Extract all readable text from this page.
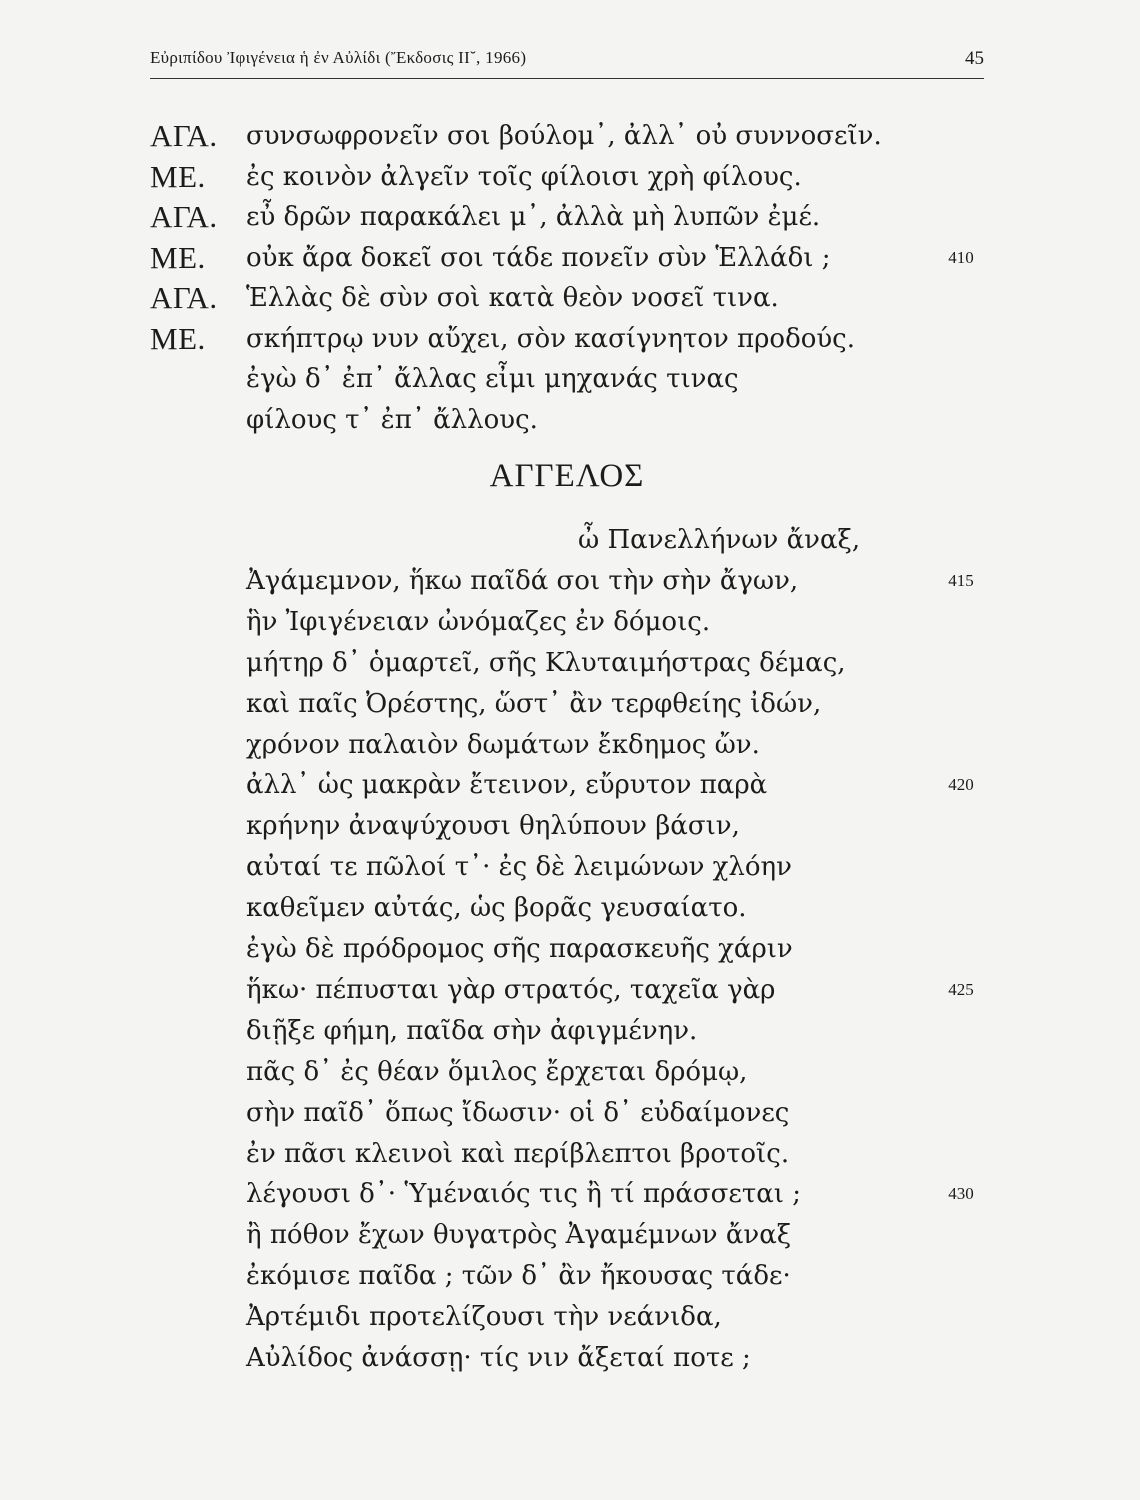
Εὐριπίδου Ἰφιγένεια ἡ ἐν Αὐλίδι (Ἔκδοσις ΙΙ˘, 1966)	45
ΑΓΑ.	συνσωφρονεῖν σοι βούλομ᾽, ἀλλ᾽ οὐ συννοσεῖν.
ΜΕ.	ἐς κοινὸν ἀλγεῖν τοῖς φίλοισι χρὴ φίλους.
ΑΓΑ.	εὖ δρῶν παρακάλει μ᾽, ἀλλὰ μὴ λυπῶν ἐμέ.
ΜΕ.	οὐκ ἄρα δοκεῖ σοι τάδε πονεῖν σὺν Ἑλλάδι ;	410
ΑΓΑ.	Ἑλλὰς δὲ σὺν σοὶ κατὰ θεὸν νοσεῖ τινα.
ΜΕ.	σκήπτρῳ νυν αὔχει, σὸν κασίγνητον προδούς.
ἐγὼ δ᾽ ἐπ᾽ ἄλλας εἶμι μηχανάς τινας
φίλους τ᾽ ἐπ᾽ ἄλλους.
ΑΓΓΕΛΟΣ
ὦ Πανελλήνων ἄναξ,
Ἀγάμεμνον, ἥκω παῖδά σοι τὴν σὴν ἄγων,	415
ἣν Ἰφιγένειαν ὠνόμαζες ἐν δόμοις.
μήτηρ δ᾽ ὁμαρτεῖ, σῆς Κλυταιμήστρας δέμας,
καὶ παῖς Ὀρέστης, ὥστ᾽ ἂν τερφθείης ἰδών,
χρόνον παλαιὸν δωμάτων ἔκδημος ὤν.
ἀλλ᾽ ὡς μακρὰν ἔτεινον, εὔρυτον παρὰ	420
κρήνην ἀναψύχουσι θηλύπουν βάσιν,
αὐταί τε πῶλοί τ᾽· ἐς δὲ λειμώνων χλόην
καθεῖμεν αὐτάς, ὡς βορᾶς γευσαίατο.
ἐγὼ δὲ πρόδρομος σῆς παρασκευῆς χάριν
ἥκω· πέπυσται γὰρ στρατός, ταχεῖα γὰρ	425
διῇξε φήμη, παῖδα σὴν ἀφιγμένην.
πᾶς δ᾽ ἐς θέαν ὅμιλος ἔρχεται δρόμῳ,
σὴν παῖδ᾽ ὅπως ἴδωσιν· οἱ δ᾽ εὐδαίμονες
ἐν πᾶσι κλεινοὶ καὶ περίβλεπτοι βροτοῖς.
λέγουσι δ᾽· Ὑμέναιός τις ἢ τί πράσσεται ;	430
ἢ πόθον ἔχων θυγατρὸς Ἀγαμέμνων ἄναξ
ἐκόμισε παῖδα ; τῶν δ᾽ ἂν ἤκουσας τάδε·
Ἀρτέμιδι προτελίζουσι τὴν νεάνιδα,
Αὐλίδος ἀνάσσῃ· τίς νιν ἄξεταί ποτε ;
